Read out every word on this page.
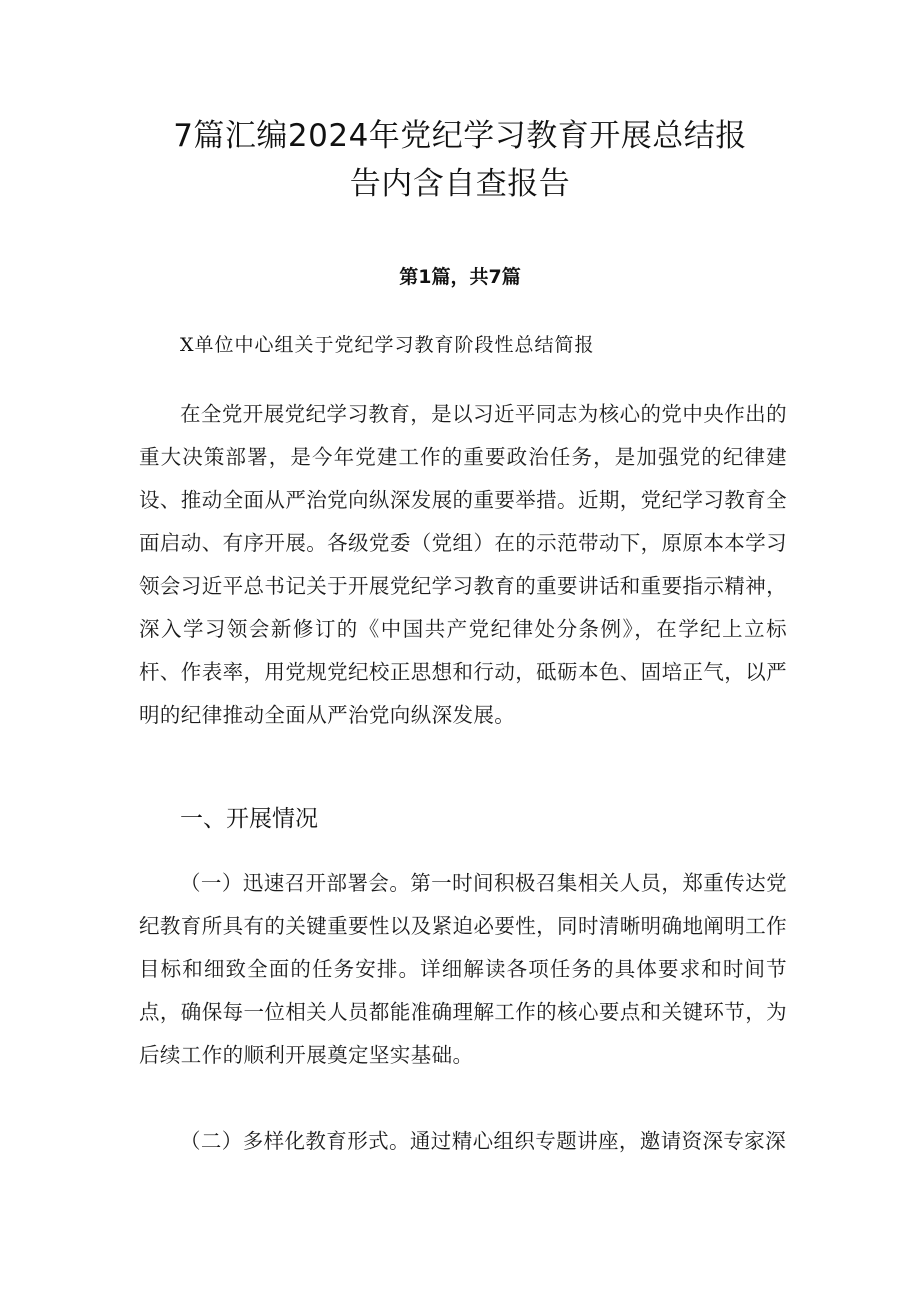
7篇汇编2024年党纪学习教育开展总结报
告内含自查报告
第1篇，共7篇
X单位中心组关于党纪学习教育阶段性总结简报

在全党开展党纪学习教育，是以习近平同志为核心的党中央作出的重大决策部署，是今年党建工作的重要政治任务，是加强党的纪律建设、推动全面从严治党向纵深发展的重要举措。近期，党纪学习教育全面启动、有序开展。各级党委（党组）在的示范带动下，原原本本学习领会习近平总书记关于开展党纪学习教育的重要讲话和重要指示精神，深入学习领会新修订的《中国共产党纪律处分条例》，在学纪上立标杆、作表率，用党规党纪校正思想和行动，砥砺本色、固培正气，以严明的纪律推动全面从严治党向纵深发展。

一、开展情况

（一）迅速召开部署会。第一时间积极召集相关人员，郑重传达党纪教育所具有的关键重要性以及紧迫必要性，同时清晰明确地阐明工作目标和细致全面的任务安排。详细解读各项任务的具体要求和时间节点，确保每一位相关人员都能准确理解工作的核心要点和关键环节，为后续工作的顺利开展奠定坚实基础。

（二）多样化教育形式。通过精心组织专题讲座，邀请资深专家深
